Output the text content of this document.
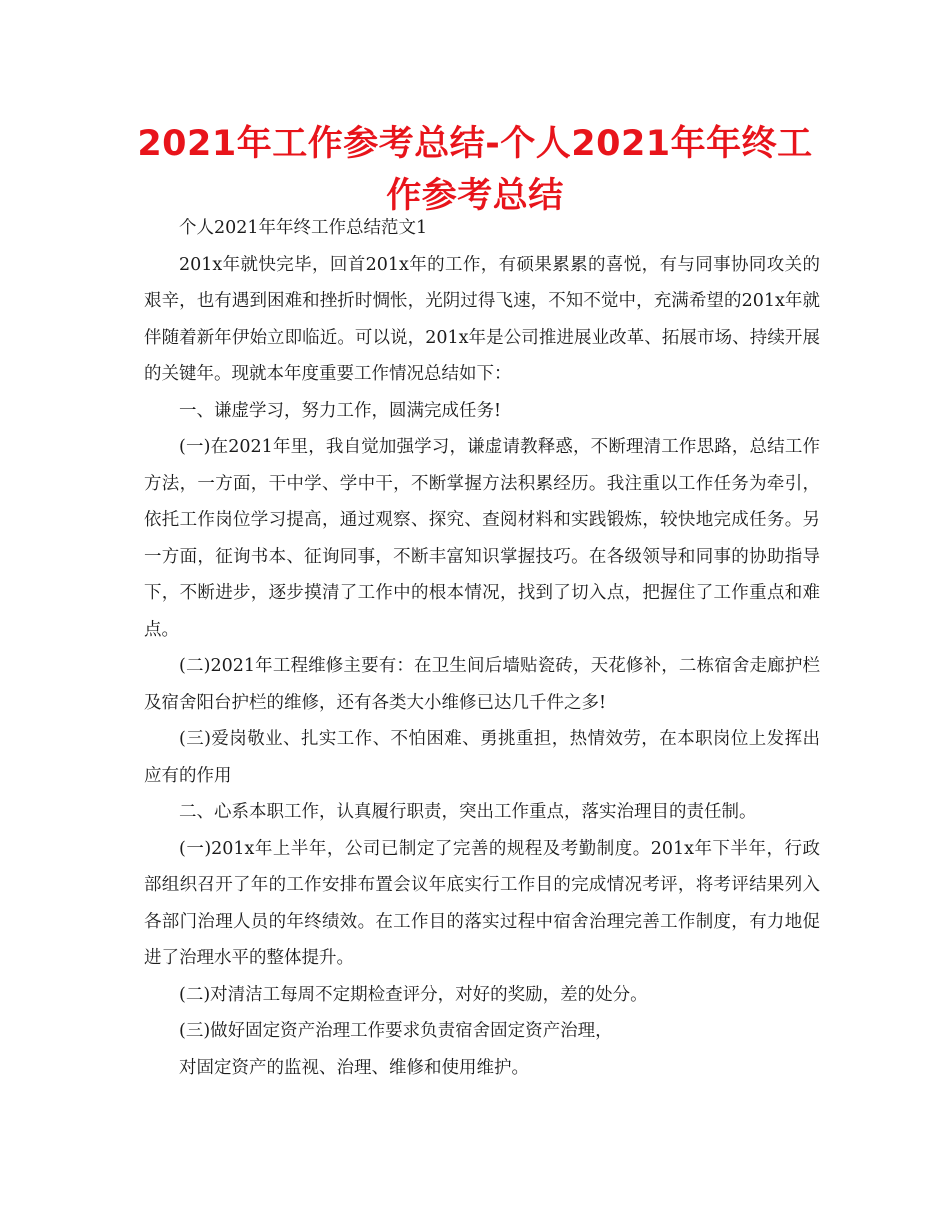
2021年工作参考总结-个人2021年年终工作参考总结

个人2021年年终工作总结范文1

201x年就快完毕，回首201x年的工作，有硕果累累的喜悦，有与同事协同攻关的艰辛，也有遇到困难和挫折时惆怅，光阴过得飞速，不知不觉中，充满希望的201x年就伴随着新年伊始立即临近。可以说，201x年是公司推进展业改革、拓展市场、持续开展的关键年。现就本年度重要工作情况总结如下：

一、谦虚学习，努力工作，圆满完成任务!

(一)在2021年里，我自觉加强学习，谦虚请教释惑，不断理清工作思路，总结工作方法，一方面，干中学、学中干，不断掌握方法积累经历。我注重以工作任务为牵引，依托工作岗位学习提高，通过观察、探究、查阅材料和实践锻炼，较快地完成任务。另一方面，征询书本、征询同事，不断丰富知识掌握技巧。在各级领导和同事的协助指导下，不断进步，逐步摸清了工作中的根本情况，找到了切入点，把握住了工作重点和难点。

(二)2021年工程维修主要有：在卫生间后墙贴瓷砖，天花修补，二栋宿舍走廊护栏及宿舍阳台护栏的维修，还有各类大小维修已达几千件之多!

(三)爱岗敬业、扎实工作、不怕困难、勇挑重担，热情效劳，在本职岗位上发挥出应有的作用

二、心系本职工作，认真履行职责，突出工作重点，落实治理目的责任制。

(一)201x年上半年，公司已制定了完善的规程及考勤制度。201x年下半年，行政部组织召开了年的工作安排布置会议年底实行工作目的完成情况考评，将考评结果列入各部门治理人员的年终绩效。在工作目的落实过程中宿舍治理完善工作制度，有力地促进了治理水平的整体提升。

(二)对清洁工每周不定期检查评分，对好的奖励，差的处分。

(三)做好固定资产治理工作要求负责宿舍固定资产治理，

对固定资产的监视、治理、维修和使用维护。
